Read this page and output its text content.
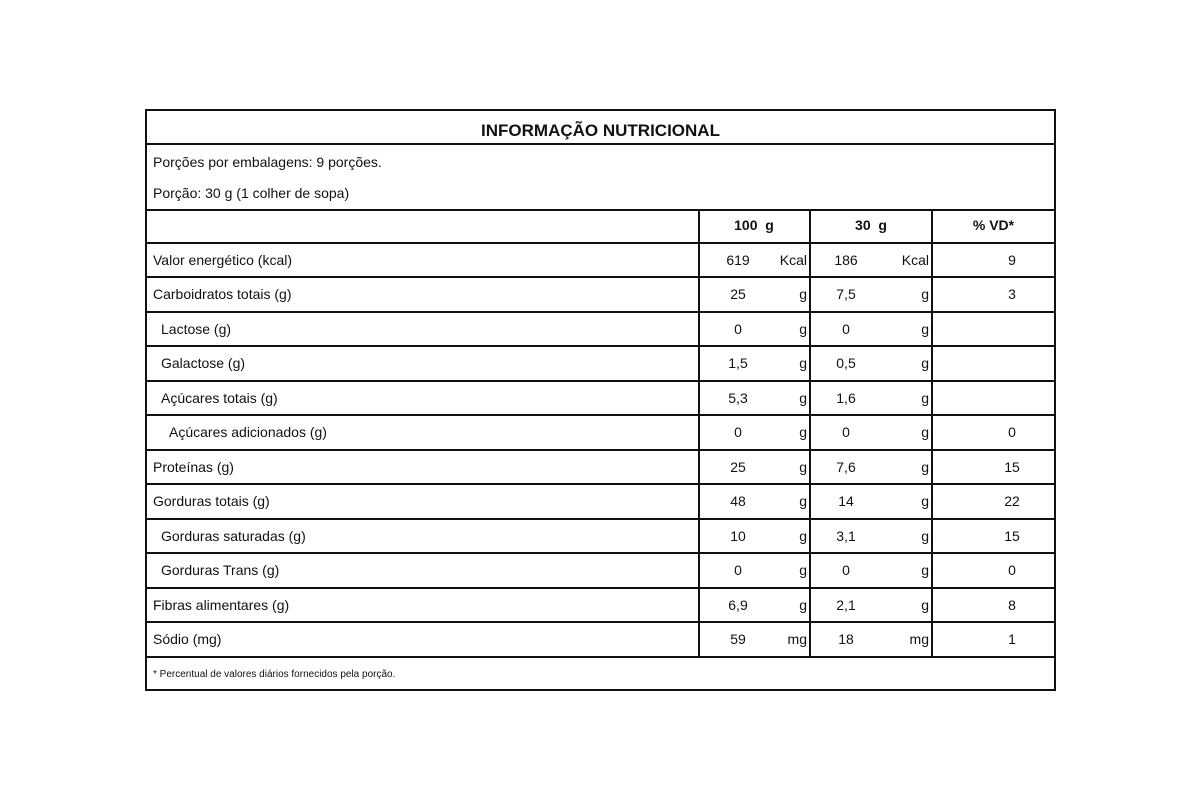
INFORMAÇÃO NUTRICIONAL
Porções por embalagens: 9 porções.
Porção: 30 g (1 colher de sopa)
100  g	30  g	% VD*
Valor energético (kcal)	619	Kcal	186	Kcal	9
Carboidratos totais (g)	25	g	7,5	g	3
Lactose (g)	0	g	0	g
Galactose (g)	1,5	g	0,5	g
Açúcares totais (g)	5,3	g	1,6	g
Açúcares adicionados (g)	0	g	0	g	0
Proteínas (g)	25	g	7,6	g	15
Gorduras totais (g)	48	g	14	g	22
Gorduras saturadas (g)	10	g	3,1	g	15
Gorduras Trans (g)	0	g	0	g	0
Fibras alimentares (g)	6,9	g	2,1	g	8
Sódio (mg)	59	mg	18	mg	1
* Percentual de valores diários fornecidos pela porção.
